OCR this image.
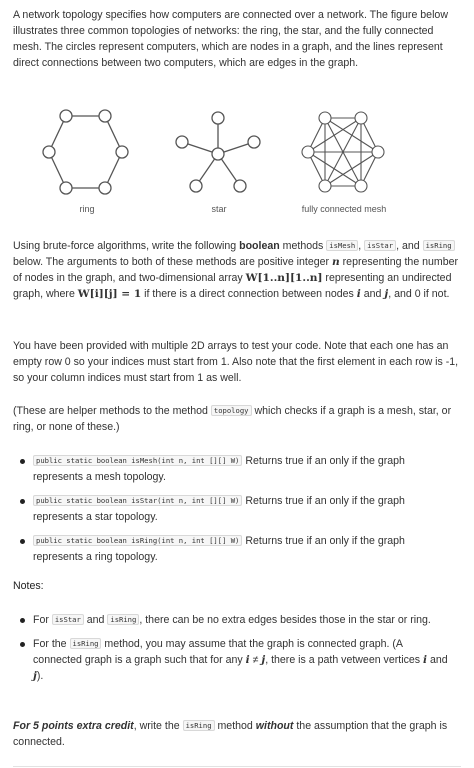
A network topology specifies how computers are connected over a network. The figure below illustrates three common topologies of networks: the ring, the star, and the fully connected mesh. The circles represent computers, which are nodes in a graph, and the lines represent direct connections between two computers, which are edges in the graph.

ring	star	fully connected mesh

Using brute-force algorithms, write the following boolean methods isMesh , isStar , and isRing below. The arguments to both of these methods are positive integer n representing the number of nodes in the graph, and two-dimensional array W[1..n][1..n] representing an undirected graph, where W[i][j] = 1 if there is a direct connection between nodes i and j, and 0 if not.

You have been provided with multiple 2D arrays to test your code. Note that each one has an empty row 0 so your indices must start from 1. Also note that the first element in each row is -1, so your column indices must start from 1 as well.

(These are helper methods to the method topology which checks if a graph is a mesh, star, or ring, or none of these.)

public static boolean isMesh(int n, int [][] W) Returns true if an only if the graph represents a mesh topology.
public static boolean isStar(int n, int [][] W) Returns true if an only if the graph represents a star topology.
public static boolean isRing(int n, int [][] W) Returns true if an only if the graph represents a ring topology.
Notes:
For isStar and isRing , there can be no extra edges besides those in the star or ring.
For the isRing method, you may assume that the graph is connected graph. (A connected graph is a graph such that for any i ≠ j, there is a path vetween vertices i and j).

For 5 points extra credit, write the isRing method without the assumption that the graph is connected.
